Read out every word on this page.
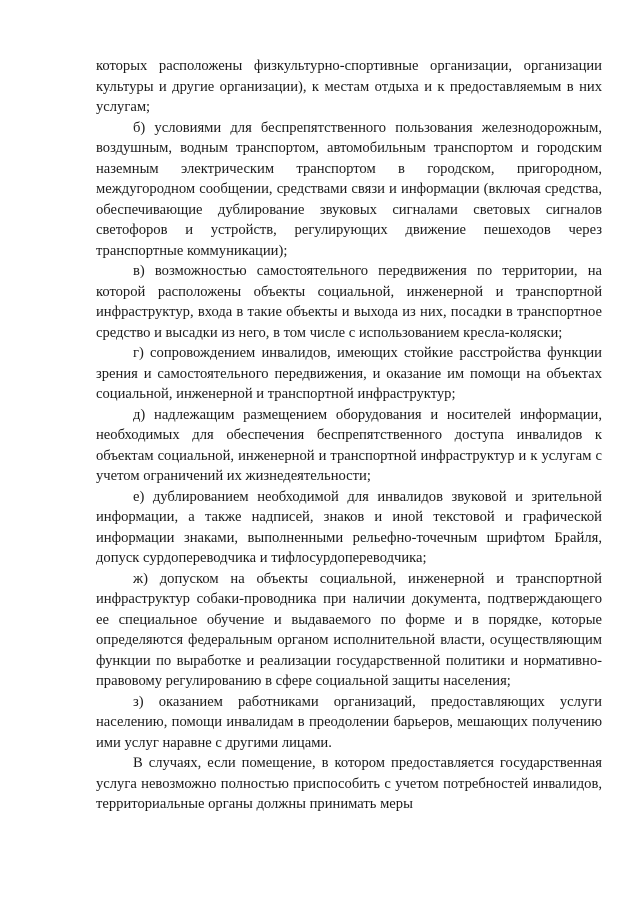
которых расположены физкультурно-спортивные организации, организации культуры и другие организации), к местам отдыха и к предоставляемым в них услугам;

б) условиями для беспрепятственного пользования железнодорожным, воздушным, водным транспортом, автомобильным транспортом и городским наземным электрическим транспортом в городском, пригородном, междугородном сообщении, средствами связи и информации (включая средства, обеспечивающие дублирование звуковых сигналами световых сигналов светофоров и устройств, регулирующих движение пешеходов через транспортные коммуникации);

в) возможностью самостоятельного передвижения по территории, на которой расположены объекты социальной, инженерной и транспортной инфраструктур, входа в такие объекты и выхода из них, посадки в транспортное средство и высадки из него, в том числе с использованием кресла-коляски;

г) сопровождением инвалидов, имеющих стойкие расстройства функции зрения и самостоятельного передвижения, и оказание им помощи на объектах социальной, инженерной и транспортной инфраструктур;

д) надлежащим размещением оборудования и носителей информации, необходимых для обеспечения беспрепятственного доступа инвалидов к объектам социальной, инженерной и транспортной инфраструктур и к услугам с учетом ограничений их жизнедеятельности;

е) дублированием необходимой для инвалидов звуковой и зрительной информации, а также надписей, знаков и иной текстовой и графической информации знаками, выполненными рельефно-точечным шрифтом Брайля, допуск сурдопереводчика и тифлосурдопереводчика;

ж) допуском на объекты социальной, инженерной и транспортной инфраструктур собаки-проводника при наличии документа, подтверждающего ее специальное обучение и выдаваемого по форме и в порядке, которые определяются федеральным органом исполнительной власти, осуществляющим функции по выработке и реализации государственной политики и нормативно-правовому регулированию в сфере социальной защиты населения;

з) оказанием работниками организаций, предоставляющих услуги населению, помощи инвалидам в преодолении барьеров, мешающих получению ими услуг наравне с другими лицами.

В случаях, если помещение, в котором предоставляется государственная услуга невозможно полностью приспособить с учетом потребностей инвалидов, территориальные органы должны принимать меры
